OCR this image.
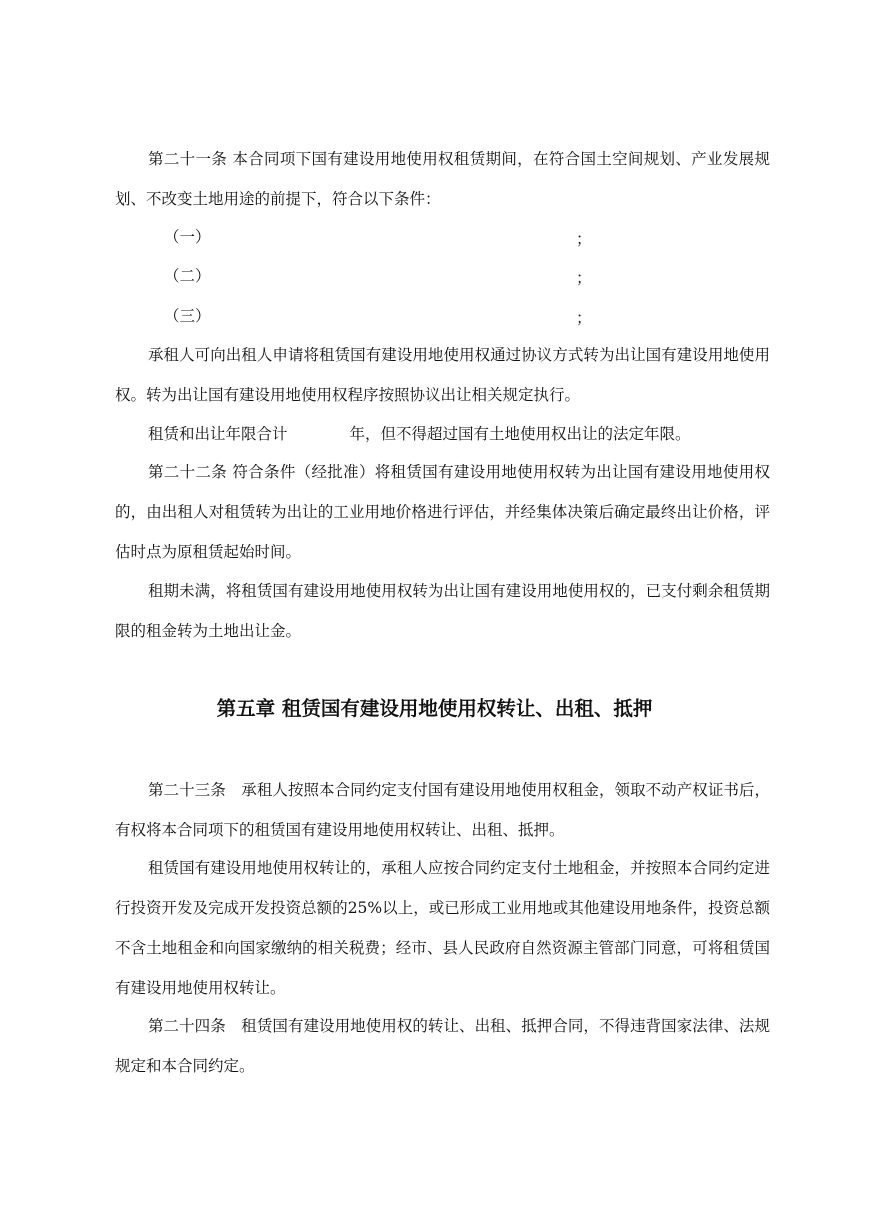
第二十一条 本合同项下国有建设用地使用权租赁期间，在符合国土空间规划、产业发展规划、不改变土地用途的前提下，符合以下条件：

（一）	；

（二）	；

（三）	；

承租人可向出租人申请将租赁国有建设用地使用权通过协议方式转为出让国有建设用地使用权。转为出让国有建设用地使用权程序按照协议出让相关规定执行。

租赁和出让年限合计	年，但不得超过国有土地使用权出让的法定年限。

第二十二条 符合条件（经批准）将租赁国有建设用地使用权转为出让国有建设用地使用权的，由出租人对租赁转为出让的工业用地价格进行评估，并经集体决策后确定最终出让价格，评估时点为原租赁起始时间。

租期未满，将租赁国有建设用地使用权转为出让国有建设用地使用权的，已支付剩余租赁期限的租金转为土地出让金。

第五章 租赁国有建设用地使用权转让、出租、抵押

第二十三条　承租人按照本合同约定支付国有建设用地使用权租金，领取不动产权证书后，有权将本合同项下的租赁国有建设用地使用权转让、出租、抵押。

租赁国有建设用地使用权转让的，承租人应按合同约定支付土地租金，并按照本合同约定进行投资开发及完成开发投资总额的25%以上，或已形成工业用地或其他建设用地条件，投资总额不含土地租金和向国家缴纳的相关税费；经市、县人民政府自然资源主管部门同意，可将租赁国有建设用地使用权转让。

第二十四条　租赁国有建设用地使用权的转让、出租、抵押合同，不得违背国家法律、法规规定和本合同约定。
